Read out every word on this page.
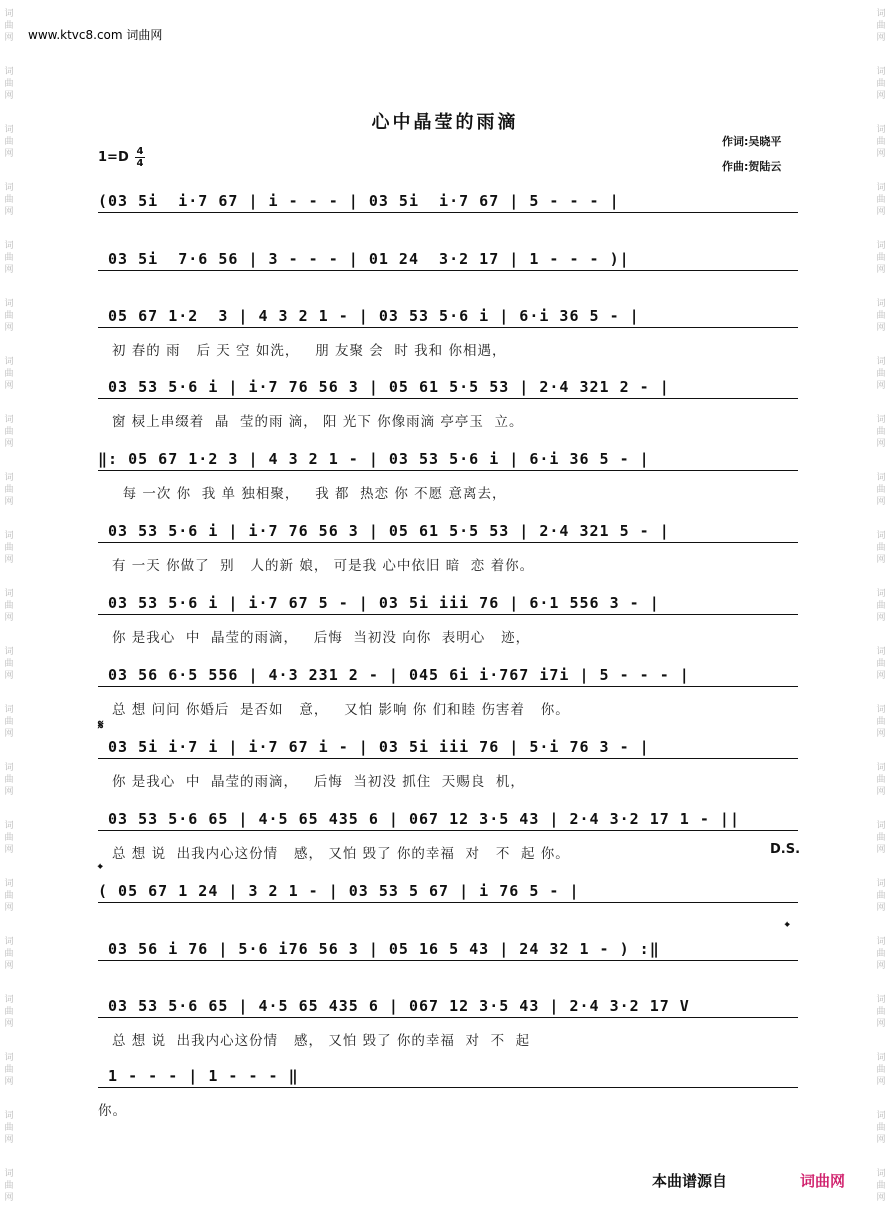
词
曲
网
词
曲
网
词
曲
网
词
曲
网
词
曲
网
词
曲
网
词
曲
网
词
曲
网
词
曲
网
词
曲
网
词
曲
网
词
曲
网
词
曲
网
词
曲
网
词
曲
网
词
曲
网
词
曲
网
词
曲
网
词
曲
网
词
曲
网
词
曲
网
词
曲
网
词
曲
网
词
曲
网
词
曲
网
词
曲
网
词
曲
网
词
曲
网
词
曲
网
词
曲
网
词
曲
网
词
曲
网
词
曲
网
词
曲
网
词
曲
网
词
曲
网
词
曲
网
词
曲
网
词
曲
网
词
曲
网
词
曲
网
词
曲
网
www.ktvc8.com 词曲网
心中晶莹的雨滴
作词:吴晓平
作曲:贺陆云
1=D 4
4
(03 5i  i·7 67 | i - - - | 03 5i  i·7 67 | 5 - - - |
03 5i  7·6 56 | 3 - - - | 01 24  3·2 17 | 1 - - - )|
05 67 1·2  3 | 4 3 2 1 - | 03 53 5·6 i | 6·i 36 5 - |
初 春的 雨   后 天 空 如洗，   朋 友聚 会  时 我和 你相遇，
03 53 5·6 i | i·7 76 56 3 | 05 61 5·5 53 | 2·4 321 2 - |
窗 棂上串缀着  晶  莹的雨 滴， 阳 光下 你像雨滴 亭亭玉  立。
‖: 05 67 1·2 3 | 4 3 2 1 - | 03 53 5·6 i | 6·i 36 5 - |
每 一次 你  我 单 独相聚，   我 都  热恋 你 不愿 意离去，
03 53 5·6 i | i·7 76 56 3 | 05 61 5·5 53 | 2·4 321 5 - |
有 一天 你做了  别   人的新 娘， 可是我 心中依旧 暗  恋 着你。
03 53 5·6 i | i·7 67 5 - | 03 5i iii 76 | 6·1 556 3 - |
你 是我心  中  晶莹的雨滴，   后悔  当初没 向你  表明心   迹，
03 56 6·5 556 | 4·3 231 2 - | 045 6i i·767 i7i | 5 - - - |
总 想 问问 你婚后  是否如   意，   又怕 影响 你 们和睦 伤害着   你。
03 5i i·7 i | i·7 67 i - | 03 5i iii 76 | 5·i 76 3 - |
你 是我心  中  晶莹的雨滴，   后悔  当初没 抓住  天赐良  机，
𝄋
03 53 5·6 65 | 4·5 65 435 6 | 067 12 3·5 43 | 2·4 3·2 17 1 - ||
总 想 说  出我内心这份情   感， 又怕 毁了 你的幸福  对   不  起 你。	D.S.
( 05 67 1 24 | 3 2 1 - | 03 53 5 67 | i 76 5 - |
𝄌
03 56 i 76 | 5·6 i76 56 3 | 05 16 5 43 | 24 32 1 - ) :‖
𝄌
03 53 5·6 65 | 4·5 65 435 6 | 067 12 3·5 43 | 2·4 3·2 17 V
总 想 说  出我内心这份情   感， 又怕 毁了 你的幸福  对  不  起
1 - - - | 1 - - - ‖
你。
本曲谱源自	词曲网
